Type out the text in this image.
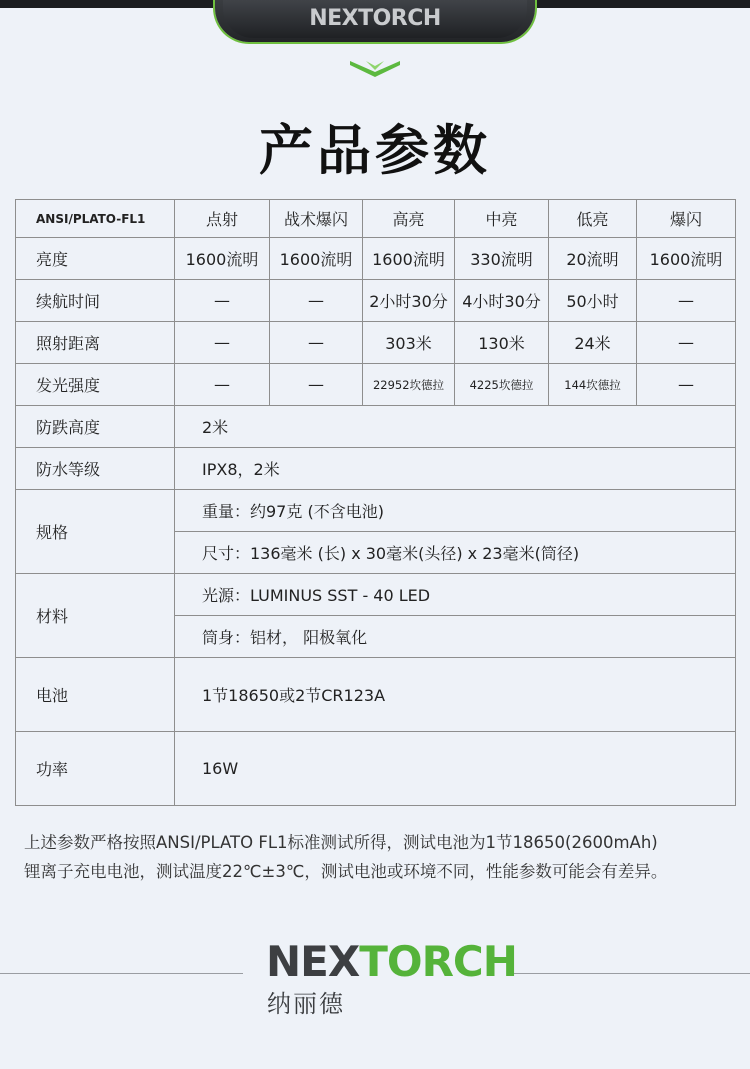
NEXTORCH
产品参数
ANSI/PLATO-FL1	点射	战术爆闪	高亮	中亮	低亮	爆闪
亮度	1600流明	1600流明	1600流明	330流明	20流明	1600流明
续航时间	—	—	2小时30分	4小时30分	50小时	—
照射距离	—	—	303米	130米	24米	—
发光强度	—	—	22952坎德拉	4225坎德拉	144坎德拉	—
防跌高度	2米					
防水等级	IPX8，2米					
规格	重量：约97克 (不含电池)					
	尺寸：136毫米 (长) x 30毫米(头径) x 23毫米(筒径)					
材料	光源：LUMINUS SST - 40 LED					
	筒身：铝材， 阳极氧化					
电池	1节18650或2节CR123A					
功率	16W					
上述参数严格按照ANSI/PLATO FL1标准测试所得，测试电池为1节18650(2600mAh)
锂离子充电电池，测试温度22℃±3℃，测试电池或环境不同，性能参数可能会有差异。
NEXTORCH
纳丽德
